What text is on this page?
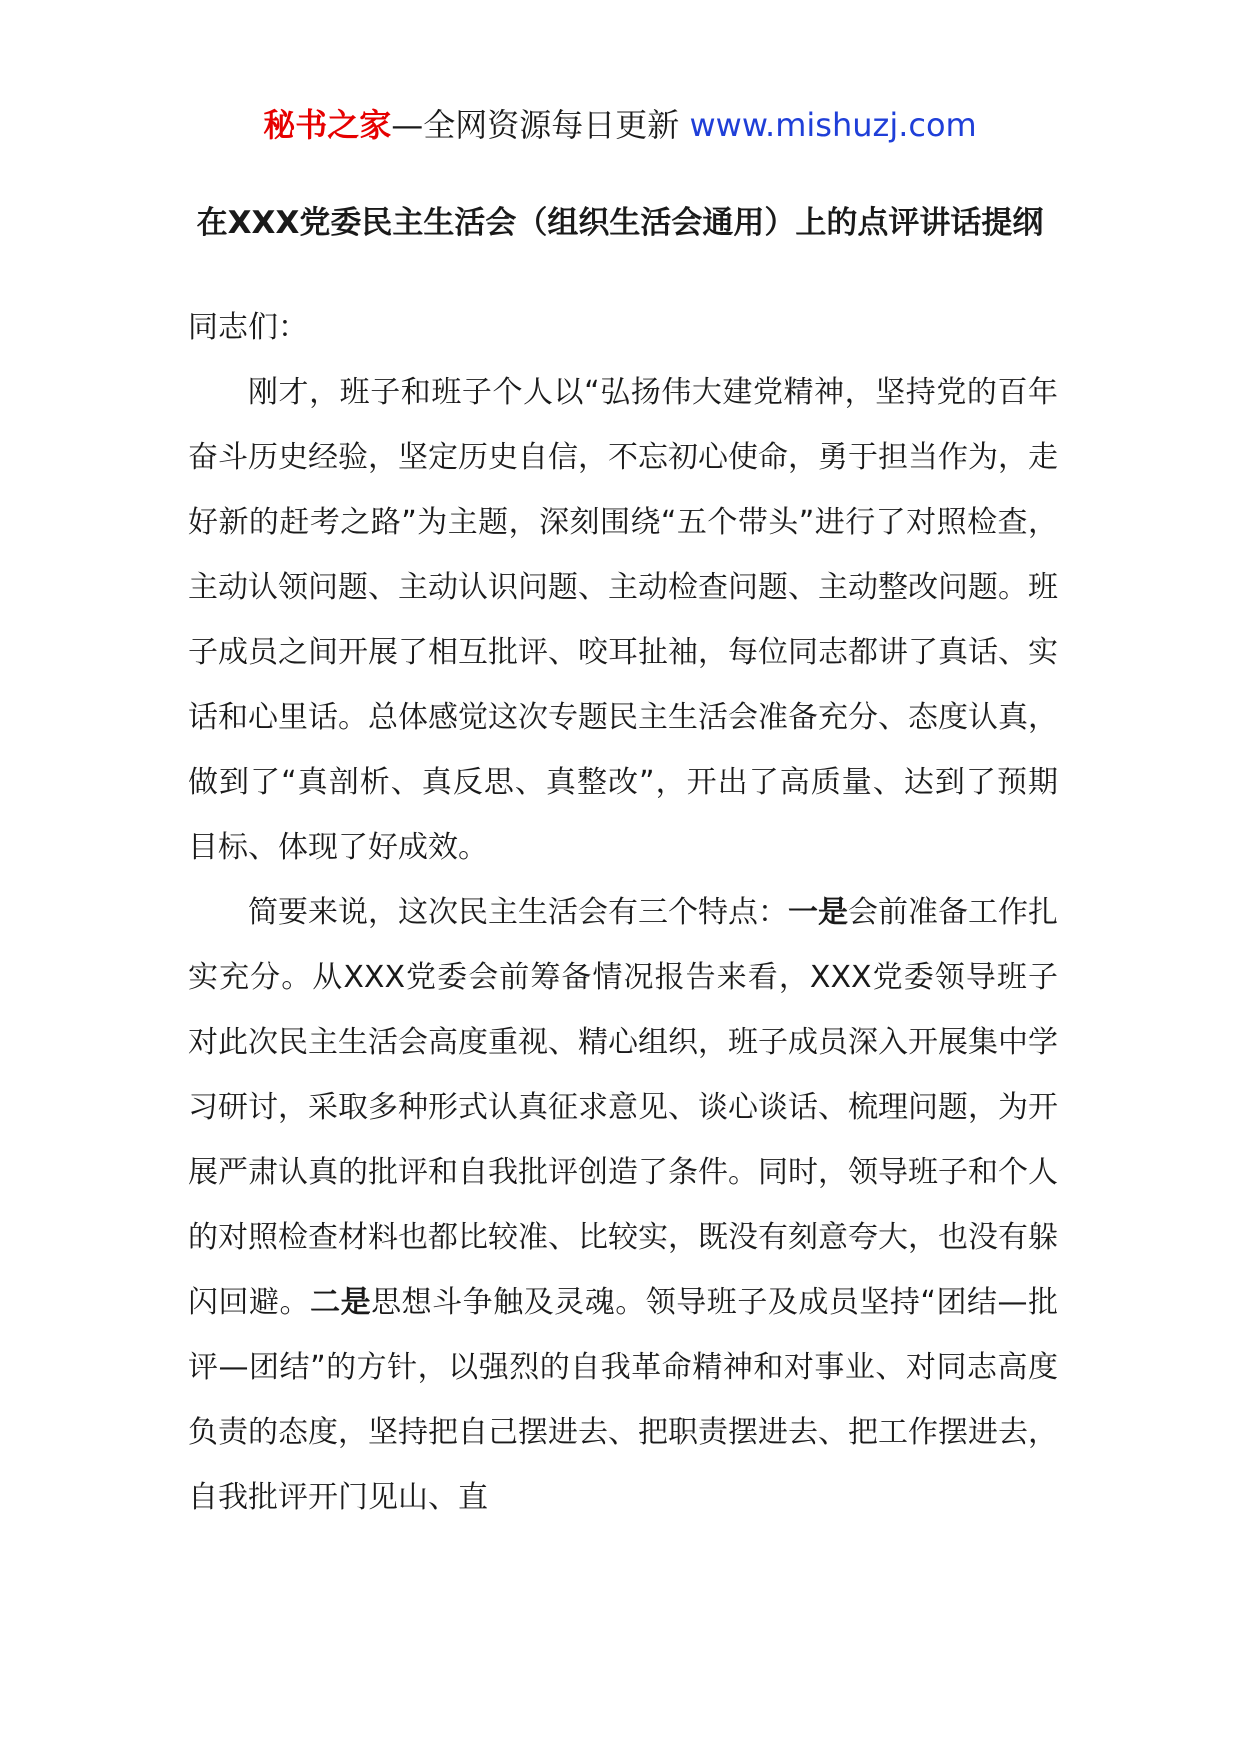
秘书之家—全网资源每日更新 www.mishuzj.com
在XXX党委民主生活会（组织生活会通用）上的点评讲话提纲

同志们：

刚才，班子和班子个人以“弘扬伟大建党精神，坚持党的百年奋斗历史经验，坚定历史自信，不忘初心使命，勇于担当作为，走好新的赶考之路”为主题，深刻围绕“五个带头”进行了对照检查，主动认领问题、主动认识问题、主动检查问题、主动整改问题。班子成员之间开展了相互批评、咬耳扯袖，每位同志都讲了真话、实话和心里话。总体感觉这次专题民主生活会准备充分、态度认真，做到了“真剖析、真反思、真整改”，开出了高质量、达到了预期目标、体现了好成效。

简要来说，这次民主生活会有三个特点：一是会前准备工作扎实充分。从XXX党委会前筹备情况报告来看，XXX党委领导班子对此次民主生活会高度重视、精心组织，班子成员深入开展集中学习研讨，采取多种形式认真征求意见、谈心谈话、梳理问题，为开展严肃认真的批评和自我批评创造了条件。同时，领导班子和个人的对照检查材料也都比较准、比较实，既没有刻意夸大，也没有躲闪回避。二是思想斗争触及灵魂。领导班子及成员坚持“团结—批评—团结”的方针，以强烈的自我革命精神和对事业、对同志高度负责的态度，坚持把自己摆进去、把职责摆进去、把工作摆进去，自我批评开门见山、直
